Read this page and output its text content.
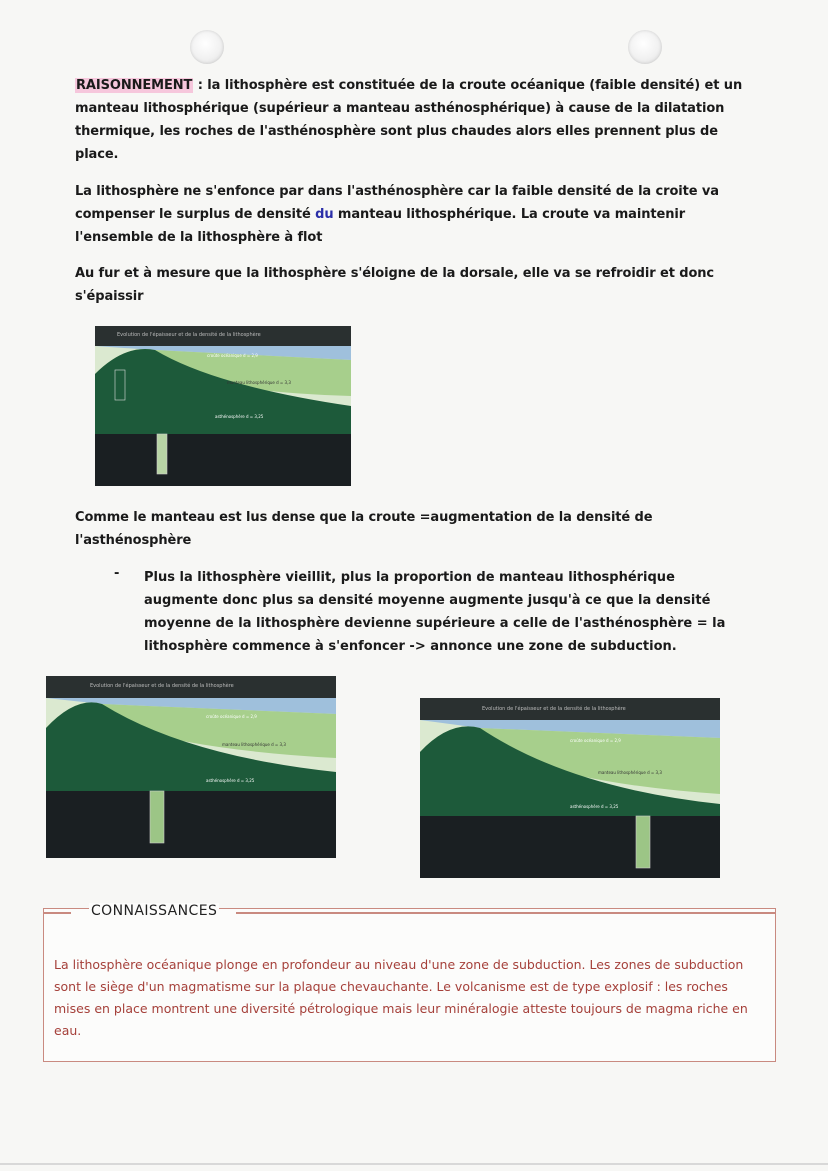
RAISONNEMENT : la lithosphère est constituée de la croute océanique (faible densité) et un manteau lithosphérique (supérieur a manteau asthénosphérique) à cause de la dilatation thermique, les roches de l'asthénosphère sont plus chaudes alors elles prennent plus de place.
La lithosphère ne s'enfonce par dans l'asthénosphère car la faible densité de la croite va compenser le surplus de densité du manteau lithosphérique. La croute va maintenir l'ensemble de la lithosphère à flot
Au fur et à mesure que la lithosphère s'éloigne de la dorsale, elle va se refroidir et donc s'épaissir
Evolution de l'épaisseur et de la densité de la lithosphère
croûte océanique d = 2,9
manteau lithosphérique d = 3,3
asthénosphère d = 3,25
Comme le manteau est lus dense que la croute =augmentation de la densité de l'asthénosphère
- Plus la lithosphère vieillit, plus la proportion de manteau lithosphérique augmente donc plus sa densité moyenne augmente jusqu'à ce que la densité moyenne de la lithosphère devienne supérieure a celle de l'asthénosphère = la lithosphère commence à s'enfoncer -> annonce une zone de subduction.
Evolution de l'épaisseur et de la densité de la lithosphère
croûte océanique d = 2,9
manteau lithosphérique d = 3,3
asthénosphère d = 3,25
Evolution de l'épaisseur et de la densité de la lithosphère
croûte océanique d = 2,9
manteau lithosphérique d = 3,3
asthénosphère d = 3,25
CONNAISSANCES
La lithosphère océanique plonge en profondeur au niveau d'une zone de subduction. Les zones de subduction sont le siège d'un magmatisme sur la plaque chevauchante. Le volcanisme est de type explosif : les roches mises en place montrent une diversité pétrologique mais leur minéralogie atteste toujours de magma riche en eau.
